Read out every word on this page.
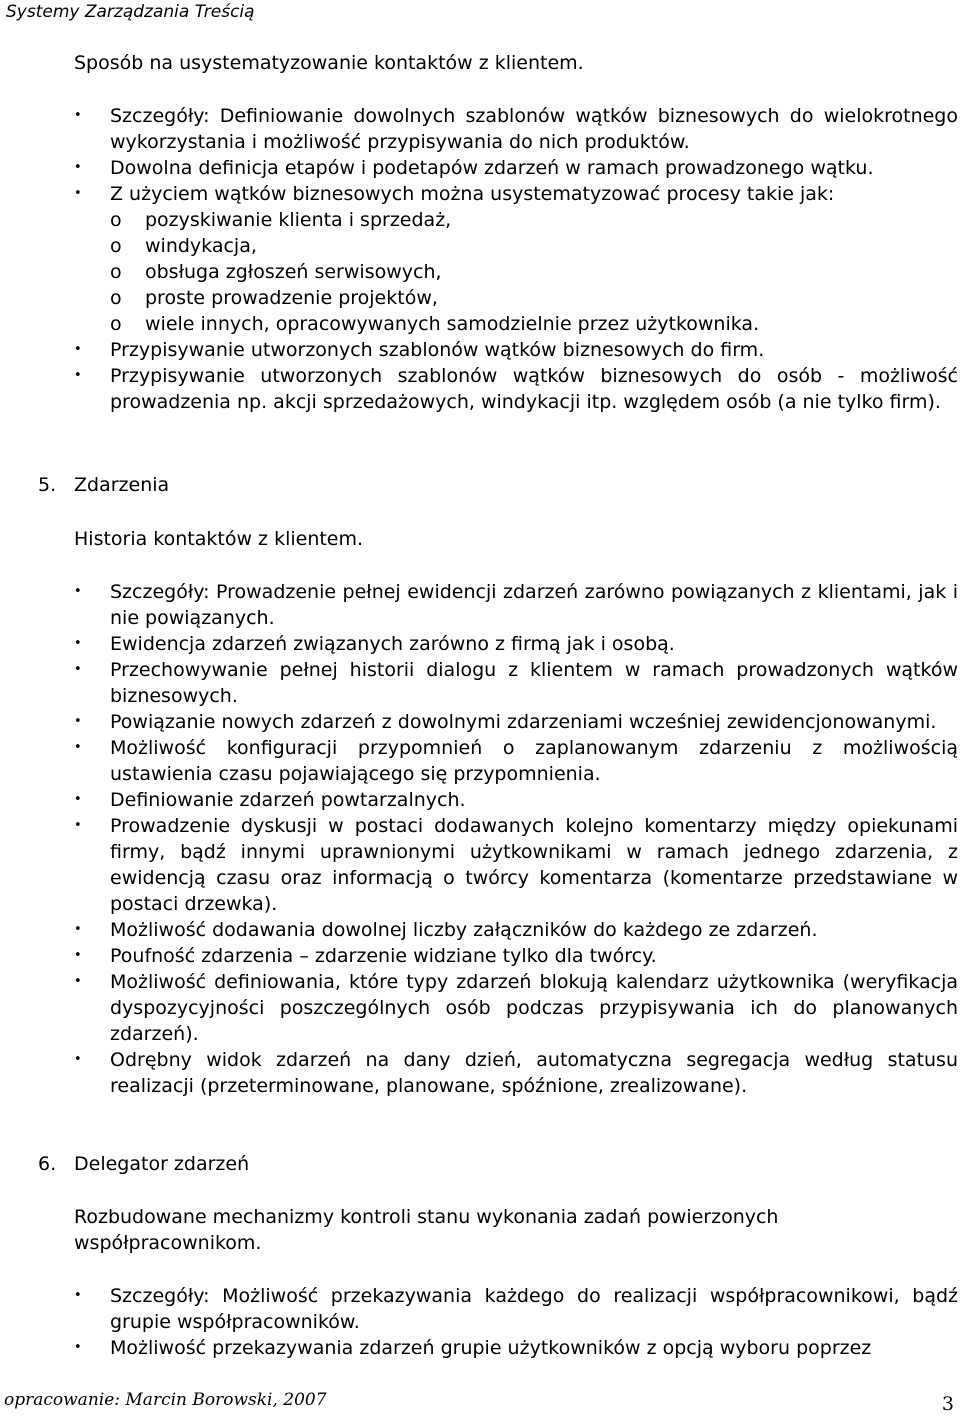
Systemy Zarządzania Treścią
Sposób na usystematyzowanie kontaktów z klientem.
• Szczegóły: Definiowanie dowolnych szablonów wątków biznesowych do wielokrotnego wykorzystania i możliwość przypisywania do nich produktów.
• Dowolna definicja etapów i podetapów zdarzeń w ramach prowadzonego wątku.
• Z użyciem wątków biznesowych można usystematyzować procesy takie jak:
o pozyskiwanie klienta i sprzedaż,
o windykacja,
o obsługa zgłoszeń serwisowych,
o proste prowadzenie projektów,
o wiele innych, opracowywanych samodzielnie przez użytkownika.
• Przypisywanie utworzonych szablonów wątków biznesowych do firm.
• Przypisywanie utworzonych szablonów wątków biznesowych do osób - możliwość prowadzenia np. akcji sprzedażowych, windykacji itp. względem osób (a nie tylko firm).
5. Zdarzenia
Historia kontaktów z klientem.
• Szczegóły: Prowadzenie pełnej ewidencji zdarzeń zarówno powiązanych z klientami, jak i nie powiązanych.
• Ewidencja zdarzeń związanych zarówno z firmą jak i osobą.
• Przechowywanie pełnej historii dialogu z klientem w ramach prowadzonych wątków biznesowych.
• Powiązanie nowych zdarzeń z dowolnymi zdarzeniami wcześniej zewidencjonowanymi.
• Możliwość konfiguracji przypomnień o zaplanowanym zdarzeniu z możliwością ustawienia czasu pojawiającego się przypomnienia.
• Definiowanie zdarzeń powtarzalnych.
• Prowadzenie dyskusji w postaci dodawanych kolejno komentarzy między opiekunami firmy, bądź innymi uprawnionymi użytkownikami w ramach jednego zdarzenia, z ewidencją czasu oraz informacją o twórcy komentarza (komentarze przedstawiane w postaci drzewka).
• Możliwość dodawania dowolnej liczby załączników do każdego ze zdarzeń.
• Poufność zdarzenia – zdarzenie widziane tylko dla twórcy.
• Możliwość definiowania, które typy zdarzeń blokują kalendarz użytkownika (weryfikacja dyspozycyjności poszczególnych osób podczas przypisywania ich do planowanych zdarzeń).
• Odrębny widok zdarzeń na dany dzień, automatyczna segregacja według statusu realizacji (przeterminowane, planowane, spóźnione, zrealizowane).
6. Delegator zdarzeń
Rozbudowane mechanizmy kontroli stanu wykonania zadań powierzonych współpracownikom.
• Szczegóły: Możliwość przekazywania każdego do realizacji współpracownikowi, bądź grupie współpracowników.
• Możliwość przekazywania zdarzeń grupie użytkowników z opcją wyboru poprzez
opracowanie: Marcin Borowski, 2007	3
